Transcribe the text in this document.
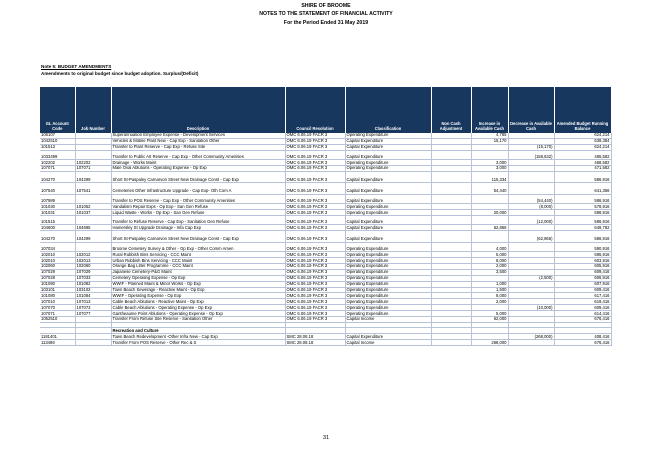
SHIRE OF BROOME
NOTES TO THE STATEMENT OF FINANCIAL ACTIVITY
For the Period Ended 31 May 2019
Note 5: BUDGET AMENDMENTS
Amendments to original budget since budget adoption. Surplus/(Deficit)
GL Account Code	Job Number	Description	Council Resolution	Classification	Non Cash Adjustment	Increase in Available Cash	Decrease in Available Cash	Amended Budget Running Balance
106107		Superannuation Employee Expense - Development Services	OMC 6.06.19 FACR 3	Operating Expenditure		4,785		624,214
1042510		Vehicles & Mobile Plant New - Cap Exp - Sanitation Other	OMC 6.06.19 FACR 3	Capital Expenditure		15,170		639,384
101513		Transfer to Plant Reserve - Cap Exp - Refuse Site	OMC 6.06.19 FACR 3	Capital Expenditure			(15,170)	624,214
1033499		Transfer to Public Art Reserve - Cap Exp - Other Community Amenities	OMC 6.06.19 FACR 3	Capital Expenditure			(158,632)	465,582
102202	102202	Drainage - Works Maint	OMC 6.06.19 FACR 3	Operating Expenditure		3,000		468,582
107071	107071	Male Oval Ablutions - Operating Expense - Op Exp	OMC 6.06.19 FACR 3	Operating Expenditure		3,000		471,582
104270	104299	Short St-Paspaley Carnarvon Street New Drainage Const - Cap Exp	OMC 6.06.19 FACR 3	Capital Expenditure		115,334		586,916
107540	107541	Cemeteries Other Infrastructure Upgrade - Cap Exp- Oth Com A	OMC 6.06.19 FACR 3	Capital Expenditure		54,440		641,356
107989		Transfer to POS Reserve - Cap Exp - Other Community Amenities	OMC 6.06.19 FACR 3	Capital Expenditure			(54,440)	586,916
101030	101052	Vandalism Repair Exps - Op Exp - San Gen Refuse	OMC 6.06.19 FACR 3	Operating Expenditure			(8,000)	578,916
101031	101037	Liquid Waste - Works - Op Exp - San Gen Refuse	OMC 6.06.19 FACR 3	Operating Expenditure		20,000		598,916
101515		Transfer to Refuse Reserve - Cap Exp - Sanitation Gen Refuse	OMC 6.06.19 FACR 3	Capital Expenditure			(12,000)	586,916
104600	104695	Hamersley St Upgrade Drainage - Infa Cap Exp	OMC 6.06.19 FACR 3	Capital Expenditure		62,866		649,782
104270	104299	Short St-Paspaley Carnarvon Street New Drainage Const - Cap Exp	OMC 6.06.19 FACR 3	Capital Expenditure			(62,866)	586,916
107034		Broome Cemetery Survey & Other - Op Exp - Other Comm Amen	OMC 6.06.19 FACR 3	Operating Expenditure		4,000		590,916
102010	102012	Rural Rubbish Bins Servicing - CCC Maint	OMC 6.06.19 FACR 3	Operating Expenditure		5,000		595,916
102010	102013	Urban Rubbish Bins Servicing - CCC Maint	OMC 6.06.19 FACR 3	Operating Expenditure		8,000		603,916
102060	102060	Orange Bag Litter Programme - CCC Maint	OMC 6.06.19 FACR 3	Operating Expenditure		2,000		605,916
107029	107029	Japanese Cemetery-P&G Maint	OMC 6.06.19 FACR 3	Operating Expenditure		3,500		609,416
107028	107033	Cemetery Operating Expense - Op Exp	OMC 6.06.19 FACR 3	Operating Expenditure			(2,500)	606,916
101080	101082	WWIF - Planned Maint & Minor Works - Op Exp	OMC 6.06.19 FACR 3	Operating Expenditure		1,000		607,916
103101	103102	Town Beach Sewerage - Reactive Maint - Op Exp	OMC 6.06.19 FACR 3	Operating Expenditure		1,500		609,416
101080	101084	WWIF - Operating Expense - Op Exp	OMC 6.06.19 FACR 3	Operating Expenditure		8,000		617,416
107010	107013	Cable Beach Ablutions - Reactive Maint - Op Exp	OMC 6.06.19 FACR 3	Operating Expenditure		2,000		619,416
107070	107073	Cable Beach Ablutions - Operating Expense - Op Exp	OMC 6.06.19 FACR 3	Operating Expenditure			(10,000)	609,416
107071	107077	Gantheaume Point Ablutions - Operating Expense - Op Exp	OMC 6.06.19 FACR 3	Operating Expenditure		5,000		614,416
1052510		Transfer From Refuse Site Reserve - Sanitation Other	OMC 6.06.19 FACR 3	Capital Income		62,000		676,416

		Recreation and Culture						
1181401		Town Beach Redevelopment -Other Infra New - Cap Exp	SMC 28.08.18	Capital Expenditure			(268,000)	408,416
113489		Transfer From POS Reserve - Other Rec & S	SMC 28.08.18	Capital Income		268,000		676,416
31
